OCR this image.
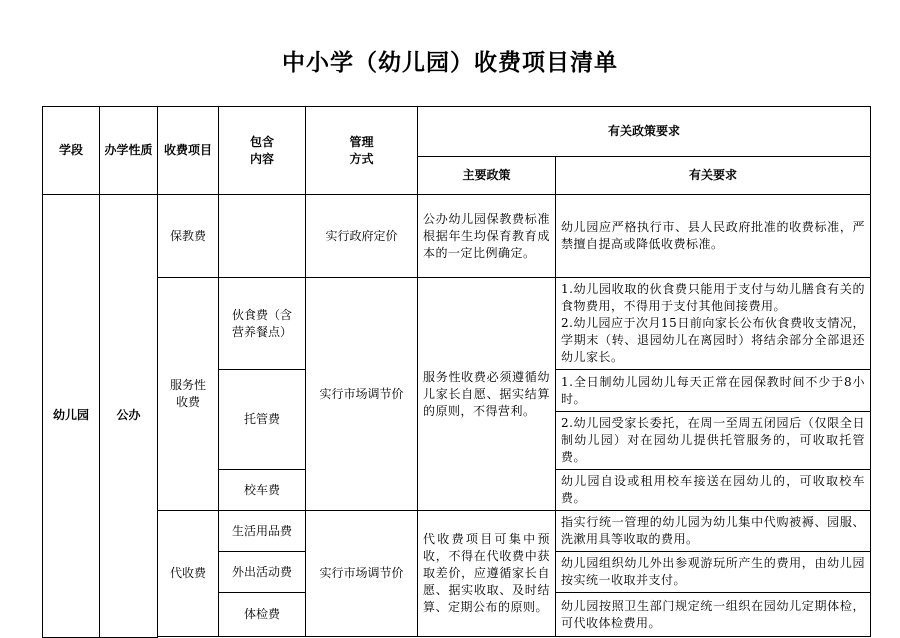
中小学（幼儿园）收费项目清单
学段	办学性质	收费项目	包含内容	管理方式	有关政策要求	
					主要政策	有关要求
幼儿园	公办	保教费		实行政府定价	公办幼儿园保教费标准根据年生均保育教育成本的一定比例确定。	幼儿园应严格执行市、县人民政府批准的收费标准，严禁擅自提高或降低收费标准。

		服务性收费	伙食费（含营养餐点）	实行市场调节价	服务性收费必须遵循幼儿家长自愿、据实结算的原则，不得营利。	1.幼儿园收取的伙食费只能用于支付与幼儿膳食有关的食物费用，不得用于支付其他间接费用。
2.幼儿园应于次月15日前向家长公布伙食费收支情况，学期末（转、退园幼儿在离园时）将结余部分全部退还幼儿家长。
			托管费			1.全日制幼儿园幼儿每天正常在园保教时间不少于8小时。
						2.幼儿园受家长委托，在周一至周五闭园后（仅限全日制幼儿园）对在园幼儿提供托管服务的，可收取托管费。
			校车费			幼儿园自设或租用校车接送在园幼儿的，可收取校车费。
		代收费	生活用品费	实行市场调节价	代收费项目可集中预收，不得在代收费中获取差价，应遵循家长自愿、据实收取、及时结算、定期公布的原则。	指实行统一管理的幼儿园为幼儿集中代购被褥、园服、洗漱用具等收取的费用。
			外出活动费			幼儿园组织幼儿外出参观游玩所产生的费用，由幼儿园按实统一收取并支付。
			体检费			幼儿园按照卫生部门规定统一组织在园幼儿定期体检，可代收体检费用。
